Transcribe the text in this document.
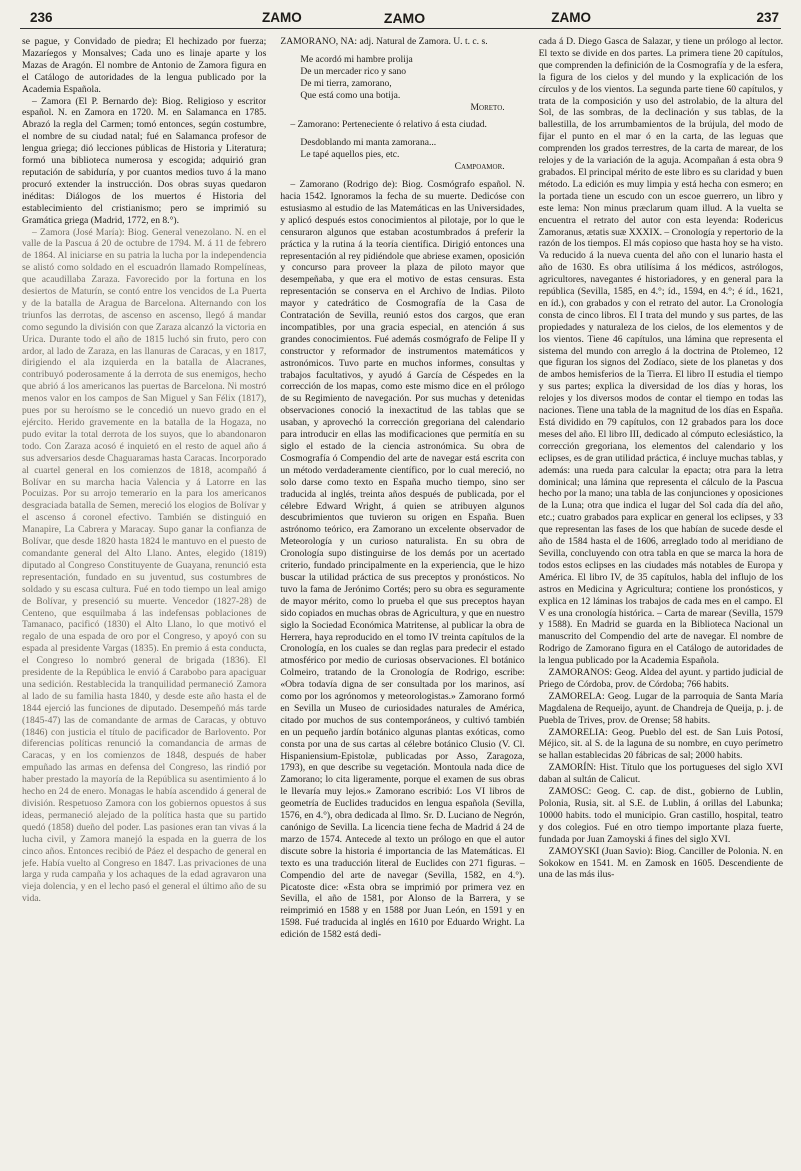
236	ZAMO	ZAMO	ZAMO	237

se pague, y Convidado de piedra; El hechizado por fuerza; Mazaríegos y Monsalves; Cada uno es linaje aparte y los Mazas de Aragón. El nombre de Antonio de Zamora figura en el Catálogo de autoridades de la lengua publicado por la Academia Española.

– Zamora (El P. Bernardo de): Biog. Religioso y escritor español. N. en Zamora en 1720. M. en Salamanca en 1785. Abrazó la regla del Carmen; tomó entonces, según costumbre, el nombre de su ciudad natal; fué en Salamanca profesor de lengua griega; dió lecciones públicas de Historia y Literatura; formó una biblioteca numerosa y escogida; adquirió gran reputación de sabiduría, y por cuantos medios tuvo á la mano procuró extender la instrucción. Dos obras suyas quedaron inéditas: Diálogos de los muertos é Historia del establecimiento del cristianismo; pero se imprimió su Gramática griega (Madrid, 1772, en 8.°).

– Zamora (José María): Biog. General venezolano. N. en el valle de la Pascua á 20 de octubre de 1794. M. á 11 de febrero de 1864. Al iniciarse en su patria la lucha por la independencia se alistó como soldado en el escuadrón llamado Rompelíneas, que acaudillaba Zaraza. Favorecido por la fortuna en los desiertos de Maturín, se contó entre los vencidos de La Puerta y de la batalla de Aragua de Barcelona. Alternando con los triunfos las derrotas, de ascenso en ascenso, llegó á mandar como segundo la división con que Zaraza alcanzó la victoria en Urica. Durante todo el año de 1815 luchó sin fruto, pero con ardor, al lado de Zaraza, en las llanuras de Caracas, y en 1817, dirigiendo el ala izquierda en la batalla de Alacranes, contribuyó poderosamente á la derrota de sus enemigos, hecho que abrió á los americanos las puertas de Barcelona. Ni mostró menos valor en los campos de San Miguel y San Félix (1817), pues por su heroísmo se le concedió un nuevo grado en el ejército. Herido gravemente en la batalla de la Hogaza, no pudo evitar la total derrota de los suyos, que lo abandonaron todo. Con Zaraza acosó é inquietó en el resto de aquel año á sus adversarios desde Chaguaramas hasta Caracas. Incorporado al cuartel general en los comienzos de 1818, acompañó á Bolívar en su marcha hacia Valencia y á Latorre en las Pocuizas. Por su arrojo temerario en la para los americanos desgraciada batalla de Semen, mereció los elogios de Bolívar y el ascenso á coronel efectivo. También se distinguió en Manapire, La Cabrera y Maracay. Supo ganar la confianza de Bolívar, que desde 1820 hasta 1824 le mantuvo en el puesto de comandante general del Alto Llano. Antes, elegido (1819) diputado al Congreso Constituyente de Guayana, renunció esta representación, fundado en su juventud, sus costumbres de soldado y su escasa cultura. Fué en todo tiempo un leal amigo de Bolívar, y presenció su muerte. Vencedor (1827-28) de Centeno, que esquilmaba á las indefensas poblaciones de Tamanaco, pacificó (1830) el Alto Llano, lo que motivó el regalo de una espada de oro por el Congreso, y apoyó con su espada al presidente Vargas (1835). En premio á esta conducta, el Congreso lo nombró general de brigada (1836). El presidente de la República le envió á Carabobo para apaciguar una sedición. Restablecida la tranquilidad permaneció Zamora al lado de su familia hasta 1840, y desde este año hasta el de 1844 ejerció las funciones de diputado. Desempeñó más tarde (1845-47) las de comandante de armas de Caracas, y obtuvo (1846) con justicia el título de pacificador de Barlovento. Por diferencias políticas renunció la comandancia de armas de Caracas, y en los comienzos de 1848, después de haber empuñado las armas en defensa del Congreso, las rindió por haber prestado la mayoría de la República su asentimiento á lo hecho en 24 de enero. Monagas le había ascendido á general de división. Respetuoso Zamora con los gobiernos opuestos á sus ideas, permaneció alejado de la política hasta que su partido quedó (1858) dueño del poder. Las pasiones eran tan vivas á la lucha civil, y Zamora manejó la espada en la guerra de los cinco años. Entonces recibió de Páez el despacho de general en jefe. Había vuelto al Congreso en 1847. Las privaciones de una larga y ruda campaña y los achaques de la edad agravaron una vieja dolencia, y en el lecho pasó el general el último año de su vida.

ZAMORANO, NA: adj. Natural de Zamora. U. t. c. s.

Me acordó mi hambre prolija

De un mercader rico y sano

De mi tierra, zamorano,

Que está como una botija.

Moreto.

– Zamorano: Perteneciente ó relativo á esta ciudad.

Desdoblando mi manta zamorana...

Le tapé aquellos pies, etc.

Campoamor.

– Zamorano (Rodrigo de): Biog. Cosmógrafo español. N. hacia 1542. Ignoramos la fecha de su muerte. Dedicóse con estusiasmo al estudio de las Matemáticas en las Universidades, y aplicó después estos conocimientos al pilotaje, por lo que le censuraron algunos que estaban acostumbrados á preferir la práctica y la rutina á la teoría científica. Dirigió entonces una representación al rey pidiéndole que abriese examen, oposición y concurso para proveer la plaza de piloto mayor que desempeñaba, y que era el motivo de estas censuras. Esta representación se conserva en el Archivo de Indias. Piloto mayor y catedrático de Cosmografía de la Casa de Contratación de Sevilla, reunió estos dos cargos, que eran incompatibles, por una gracia especial, en atención á sus grandes conocimientos. Fué además cosmógrafo de Felipe II y constructor y reformador de instrumentos matemáticos y astronómicos. Tuvo parte en muchos informes, consultas y trabajos facultativos, y ayudó á García de Céspedes en la corrección de los mapas, como este mismo dice en el prólogo de su Regimiento de navegación. Por sus muchas y detenidas observaciones conoció la inexactitud de las tablas que se usaban, y aprovechó la corrección gregoriana del calendario para introducir en ellas las modificaciones que permitía en su siglo el estado de la ciencia astronómica. Su obra de Cosmografía ó Compendio del arte de navegar está escrita con un método verdaderamente científico, por lo cual mereció, no solo darse como texto en España mucho tiempo, sino ser traducida al inglés, treinta años después de publicada, por el célebre Edward Wright, á quien se atribuyen algunos descubrimientos que tuvieron su origen en España. Buen astrónomo teórico, era Zamorano un excelente observador de Meteorología y un curioso naturalista. En su obra de Cronología supo distinguirse de los demás por un acertado criterio, fundado principalmente en la experiencia, que le hizo buscar la utilidad práctica de sus preceptos y pronósticos. No tuvo la fama de Jerónimo Cortés; pero su obra es seguramente de mayor mérito, como lo prueba el que sus preceptos hayan sido copiados en muchas obras de Agricultura, y que en nuestro siglo la Sociedad Económica Matritense, al publicar la obra de Herrera, haya reproducido en el tomo IV treinta capítulos de la Cronología, en los cuales se dan reglas para predecir el estado atmosférico por medio de curiosas observaciones. El botánico Colmeiro, tratando de la Cronología de Rodrigo, escribe: «Obra todavía digna de ser consultada por los marinos, así como por los agrónomos y meteorologistas.» Zamorano formó en Sevilla un Museo de curiosidades naturales de América, citado por muchos de sus contemporáneos, y cultivó también en un pequeño jardín botánico algunas plantas exóticas, como consta por una de sus cartas al célebre botánico Clusio (V. Cl. Hispaniensium-Epistolæ, publicadas por Asso, Zaragoza, 1793), en que describe su vegetación. Montoula nada dice de Zamorano; lo cita ligeramente, porque el examen de sus obras le llevaría muy lejos.» Zamorano escribió: Los VI libros de geometría de Euclides traducidos en lengua española (Sevilla, 1576, en 4.°), obra dedicada al Ilmo. Sr. D. Luciano de Negrón, canónigo de Sevilla. La licencia tiene fecha de Madrid á 24 de marzo de 1574. Antecede al texto un prólogo en que el autor discute sobre la historia é importancia de las Matemáticas. El texto es una traducción literal de Euclides con 271 figuras. – Compendio del arte de navegar (Sevilla, 1582, en 4.°). Picatoste dice: «Esta obra se imprimió por primera vez en Sevilla, el año de 1581, por Alonso de la Barrera, y se reimprimió en 1588 y en 1588 por Juan León, en 1591 y en 1598. Fué traducida al inglés en 1610 por Eduardo Wright. La edición de 1582 está dedi-

cada á D. Diego Gasca de Salazar, y tiene un prólogo al lector. El texto se divide en dos partes. La primera tiene 20 capítulos, que comprenden la definición de la Cosmografía y de la esfera, la figura de los cielos y del mundo y la explicación de los círculos y de los vientos. La segunda parte tiene 60 capítulos, y trata de la composición y uso del astrolabio, de la altura del Sol, de las sombras, de la declinación y sus tablas, de la ballestilla, de los arrumbamientos de la brújula, del modo de fijar el punto en el mar ó en la carta, de las leguas que comprenden los grados terrestres, de la carta de marear, de los relojes y de la variación de la aguja. Acompañan á esta obra 9 grabados. El principal mérito de este libro es su claridad y buen método. La edición es muy limpia y está hecha con esmero; en la portada tiene un escudo con un escoe guerrero, un libro y este lema: Non minus præclarum quam illud. A la vuelta se encuentra el retrato del autor con esta leyenda: Rodericus Zamoranus, ætatis suæ XXXIX. – Cronología y repertorio de la razón de los tiempos. El más copioso que hasta hoy se ha visto. Va reducido á la nueva cuenta del año con el lunario hasta el año de 1630. Es obra utilísima á los médicos, astrólogos, agricultores, navegantes é historiadores, y en general para la república (Sevilla, 1585, en 4.°; íd., 1594, en 4.°; é íd., 1621, en íd.), con grabados y con el retrato del autor. La Cronología consta de cinco libros. El I trata del mundo y sus partes, de las propiedades y naturaleza de los cielos, de los elementos y de los vientos. Tiene 46 capítulos, una lámina que representa el sistema del mundo con arreglo á la doctrina de Ptolemeo, 12 que figuran los signos del Zodíaco, siete de los planetas y dos de ambos hemisferios de la Tierra. El libro II estudia el tiempo y sus partes; explica la diversidad de los días y horas, los relojes y los diversos modos de contar el tiempo en todas las naciones. Tiene una tabla de la magnitud de los días en España. Está dividido en 79 capítulos, con 12 grabados para los doce meses del año. El libro III, dedicado al cómputo eclesiástico, la corrección gregoriana, los elementos del calendario y los eclipses, es de gran utilidad práctica, é incluye muchas tablas, y además: una rueda para calcular la epacta; otra para la letra dominical; una lámina que representa el cálculo de la Pascua hecho por la mano; una tabla de las conjunciones y oposiciones de la Luna; otra que indica el lugar del Sol cada día del año, etc.; cuatro grabados para explicar en general los eclipses, y 33 que representan las fases de los que habían de sucede desde el año de 1584 hasta el de 1606, arreglado todo al meridiano de Sevilla, concluyendo con otra tabla en que se marca la hora de todos estos eclipses en las ciudades más notables de Europa y América. El libro IV, de 35 capítulos, habla del influjo de los astros en Medicina y Agricultura; contiene los pronósticos, y explica en 12 láminas los trabajos de cada mes en el campo. El V es una cronología histórica. – Carta de marear (Sevilla, 1579 y 1588). En Madrid se guarda en la Biblioteca Nacional un manuscrito del Compendio del arte de navegar. El nombre de Rodrigo de Zamorano figura en el Catálogo de autoridades de la lengua publicado por la Academia Española.

ZAMORANOS: Geog. Aldea del ayunt. y partido judicial de Priego de Córdoba, prov. de Córdoba; 766 habits.

ZAMORELA: Geog. Lugar de la parroquia de Santa María Magdalena de Requeijo, ayunt. de Chandreja de Queija, p. j. de Puebla de Trives, prov. de Orense; 58 habits.

ZAMORELIA: Geog. Pueblo del est. de San Luis Potosí, Méjico, sit. al S. de la laguna de su nombre, en cuyo perímetro se hallan establecidas 20 fábricas de sal; 2000 habits.

ZAMORÍN: Hist. Título que los portugueses del siglo XVI daban al sultán de Calicut.

ZAMOSC: Geog. C. cap. de dist., gobierno de Lublin, Polonia, Rusia, sit. al S.E. de Lublin, á orillas del Labunka; 10000 habits. todo el municipio. Gran castillo, hospital, teatro y dos colegios. Fué en otro tiempo importante plaza fuerte, fundada por Juan Zamoyski á fines del siglo XVI.

ZAMOYSKI (Juan Savio): Biog. Canciller de Polonia. N. en Sokokow en 1541. M. en Zamosk en 1605. Descendiente de una de las más ilus-
